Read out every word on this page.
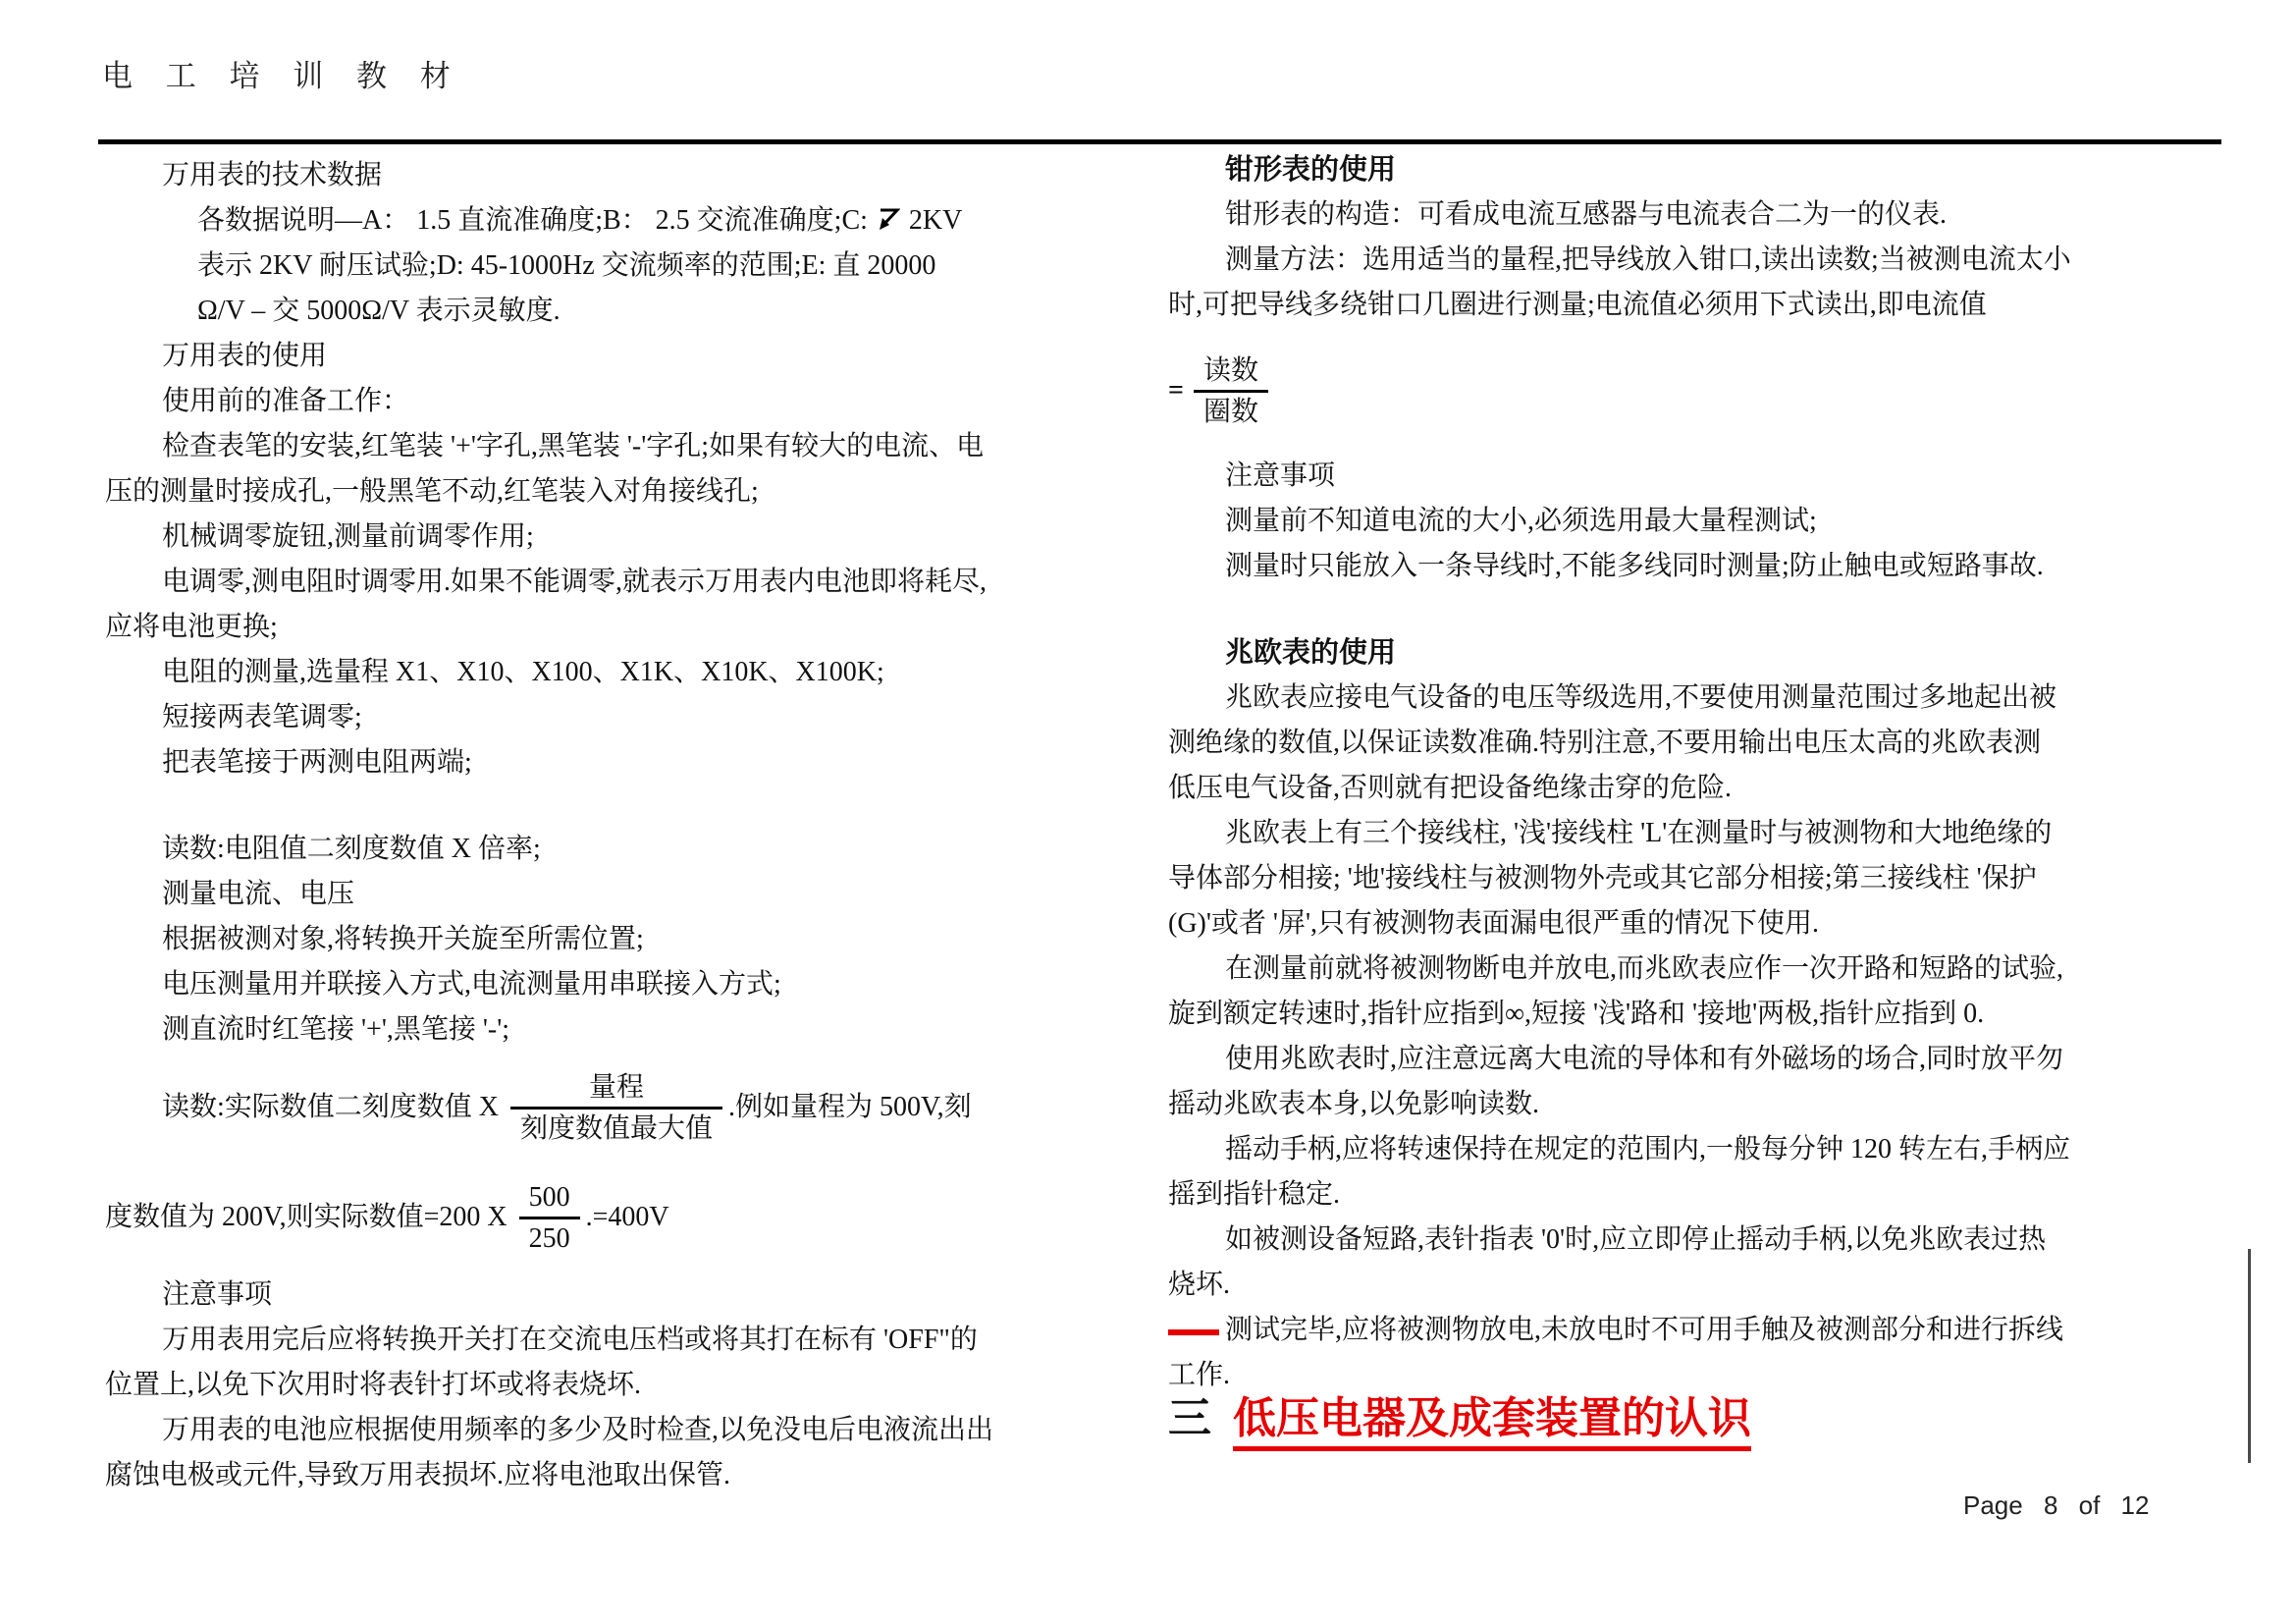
电 工 培 训 教 材
万用表的技术数据
各数据说明—A： 1.5 直流准确度;B： 2.5 交流准确度;C: 2KV
表示 2KV 耐压试验;D: 45-1000Hz 交流频率的范围;E: 直 20000
Ω/V – 交 5000Ω/V 表示灵敏度.
万用表的使用
使用前的准备工作：
检查表笔的安装,红笔装 '+'字孔,黑笔装 '-'字孔;如果有较大的电流、电
压的测量时接成孔,一般黑笔不动,红笔装入对角接线孔;
机械调零旋钮,测量前调零作用;
电调零,测电阻时调零用.如果不能调零,就表示万用表内电池即将耗尽,
应将电池更换;
电阻的测量,选量程 X1、X10、X100、X1K、X10K、X100K;
短接两表笔调零;
把表笔接于两测电阻两端;
读数:电阻值二刻度数值 X 倍率;
测量电流、电压
根据被测对象,将转换开关旋至所需位置;
电压测量用并联接入方式,电流测量用串联接入方式;
测直流时红笔接 '+',黑笔接 '-';
读数:实际数值二刻度数值 X $\frac{\text{量程}}{\text{刻度数值最大值}}$ .例如量程为 500V,刻
度数值为 200V,则实际数值=200 X $\frac{500}{250} .=400V$
注意事项
万用表用完后应将转换开关打在交流电压档或将其打在标有 'OFF"的
位置上,以免下次用时将表针打坏或将表烧坏.
万用表的电池应根据使用频率的多少及时检查,以免没电后电液流出出
腐蚀电极或元件,导致万用表损坏.应将电池取出保管.
钳形表的使用
钳形表的构造：可看成电流互感器与电流表合二为一的仪表.
测量方法：选用适当的量程,把导线放入钳口,读出读数;当被测电流太小
时,可把导线多绕钳口几圈进行测量;电流值必须用下式读出,即电流值
= $\frac{\text{读数}}{\text{圈数}}$
注意事项
测量前不知道电流的大小,必须选用最大量程测试;
测量时只能放入一条导线时,不能多线同时测量;防止触电或短路事故.
兆欧表的使用
兆欧表应接电气设备的电压等级选用,不要使用测量范围过多地起出被
测绝缘的数值,以保证读数准确.特别注意,不要用输出电压太高的兆欧表测
低压电气设备,否则就有把设备绝缘击穿的危险.
兆欧表上有三个接线柱, '浅'接线柱 'L'在测量时与被测物和大地绝缘的
导体部分相接; '地'接线柱与被测物外壳或其它部分相接;第三接线柱 '保护
(G)'或者 '屏',只有被测物表面漏电很严重的情况下使用.
在测量前就将被测物断电并放电,而兆欧表应作一次开路和短路的试验,
旋到额定转速时,指针应指到∞,短接 '浅'路和 '接地'两极,指针应指到 0.
使用兆欧表时,应注意远离大电流的导体和有外磁场的场合,同时放平勿
摇动兆欧表本身,以免影响读数.
摇动手柄,应将转速保持在规定的范围内,一般每分钟 120 转左右,手柄应
摇到指针稳定.
如被测设备短路,表针指表 '0'时,应立即停止摇动手柄,以免兆欧表过热
烧坏.
测试完毕,应将被测物放电,未放电时不可用手触及被测部分和进行拆线
工作.
三 低压电器及成套装置的认识
Page 8 of 12
